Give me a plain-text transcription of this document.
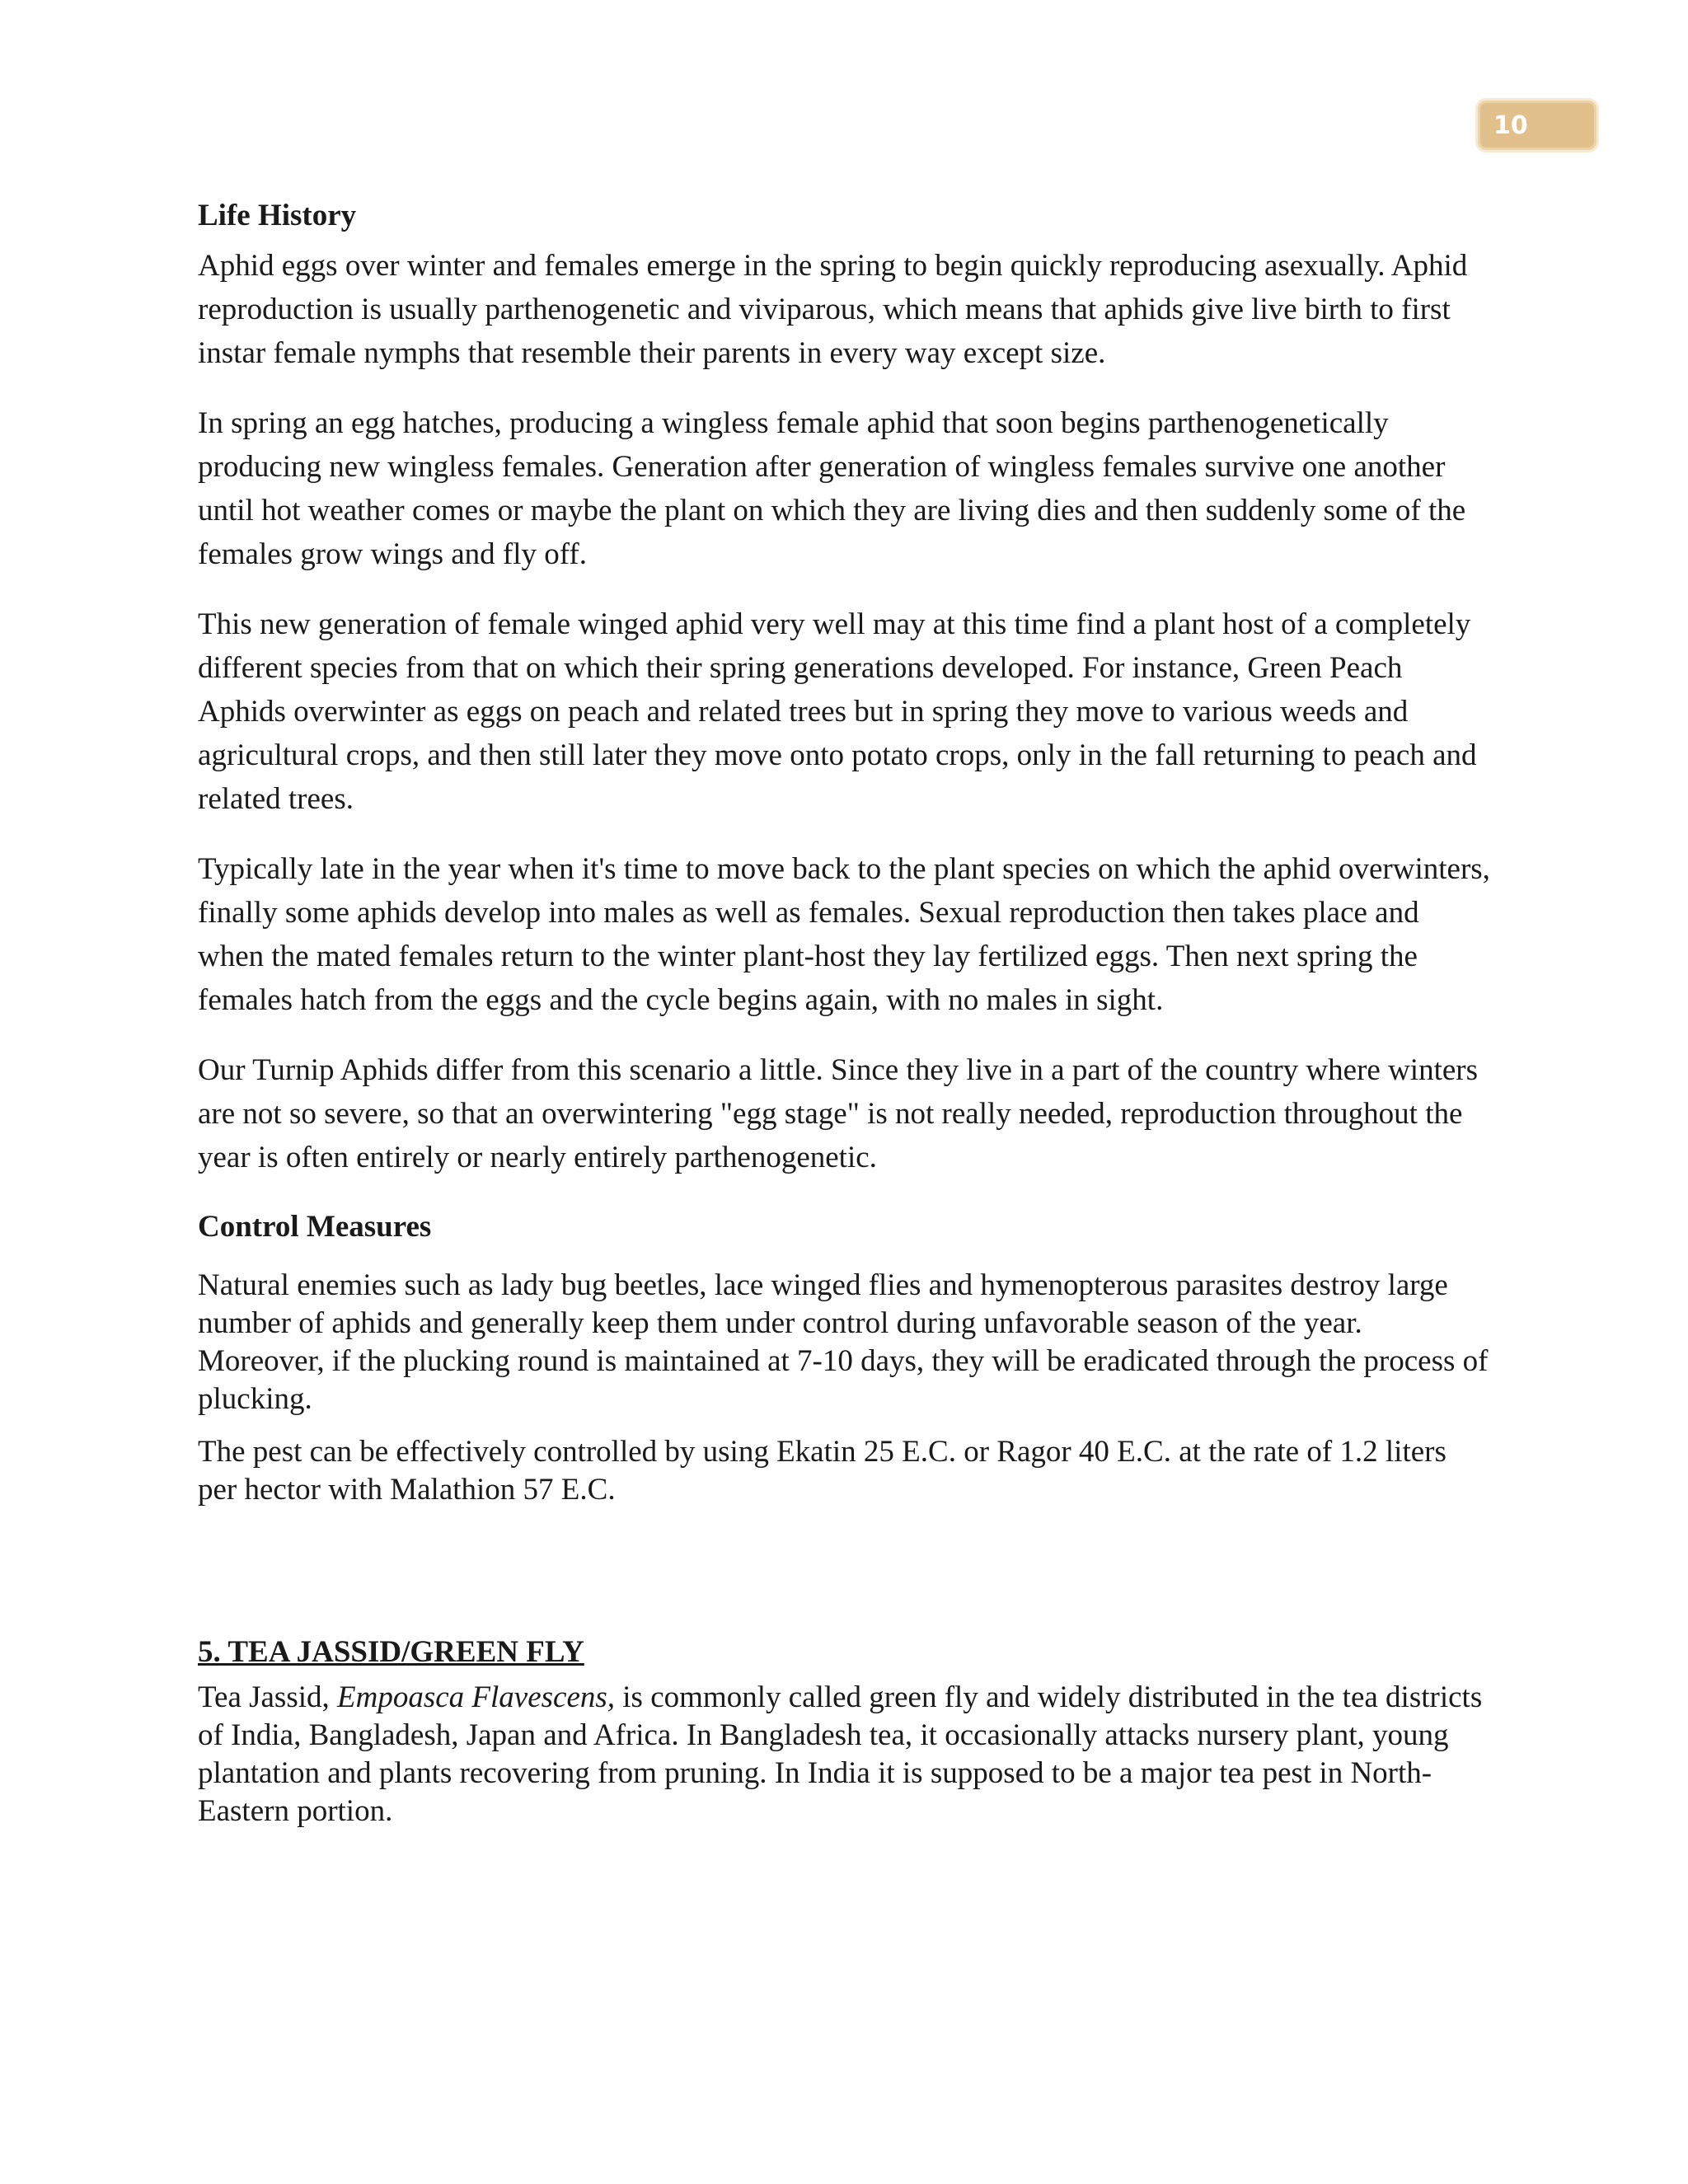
10
Life History

Aphid eggs over winter and females emerge in the spring to begin quickly reproducing asexually. Aphid reproduction is usually parthenogenetic and viviparous, which means that aphids give live birth to first instar female nymphs that resemble their parents in every way except size.

In spring an egg hatches, producing a wingless female aphid that soon begins parthenogenetically producing new wingless females. Generation after generation of wingless females survive one another until hot weather comes or maybe the plant on which they are living dies and then suddenly some of the females grow wings and fly off.

This new generation of female winged aphid very well may at this time find a plant host of a completely different species from that on which their spring generations developed. For instance, Green Peach Aphids overwinter as eggs on peach and related trees but in spring they move to various weeds and agricultural crops, and then still later they move onto potato crops, only in the fall returning to peach and related trees.

Typically late in the year when it's time to move back to the plant species on which the aphid overwinters, finally some aphids develop into males as well as females. Sexual reproduction then takes place and when the mated females return to the winter plant-host they lay fertilized eggs. Then next spring the females hatch from the eggs and the cycle begins again, with no males in sight.

Our Turnip Aphids differ from this scenario a little. Since they live in a part of the country where winters are not so severe, so that an overwintering "egg stage" is not really needed, reproduction throughout the year is often entirely or nearly entirely parthenogenetic.

Control Measures

Natural enemies such as lady bug beetles, lace winged flies and hymenopterous parasites destroy large number of aphids and generally keep them under control during unfavorable season of the year. Moreover, if the plucking round is maintained at 7-10 days, they will be eradicated through the process of plucking.

The pest can be effectively controlled by using Ekatin 25 E.C. or Ragor 40 E.C. at the rate of 1.2 liters per hector with Malathion 57 E.C.

5. TEA JASSID/GREEN FLY

Tea Jassid, Empoasca Flavescens, is commonly called green fly and widely distributed in the tea districts of India, Bangladesh, Japan and Africa. In Bangladesh tea, it occasionally attacks nursery plant, young plantation and plants recovering from pruning. In India it is supposed to be a major tea pest in North-Eastern portion.
